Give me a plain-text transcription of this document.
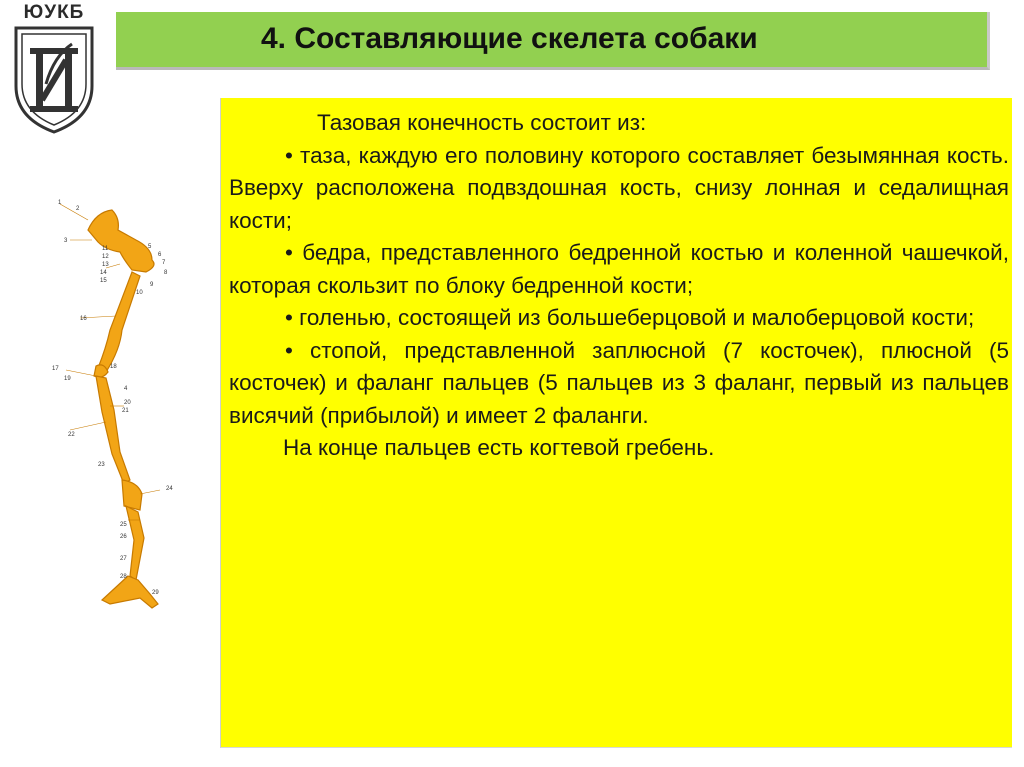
ЮУКБ
4. Составляющие скелета собаки
2
1
3
5
6
7
8
9
10
11
12
13
14
15
16
17	18
19
20
21
22
23
24
25
26
27
28
29
4

Тазовая конечность состоит из:

• таза, каждую его половину которого составляет безымянная кость. Вверху расположена подвздошная кость, снизу лонная и седалищная кости;

• бедра, представленного бедренной костью и коленной чашечкой, которая скользит по блоку бедренной кости;

• голенью, состоящей из большеберцовой и малоберцовой кости;

• стопой, представленной заплюсной (7 косточек), плюсной (5 косточек) и фаланг пальцев (5 пальцев из 3 фаланг, первый из пальцев висячий (прибылой) и имеет 2 фаланги.

На конце пальцев есть когтевой гребень.
